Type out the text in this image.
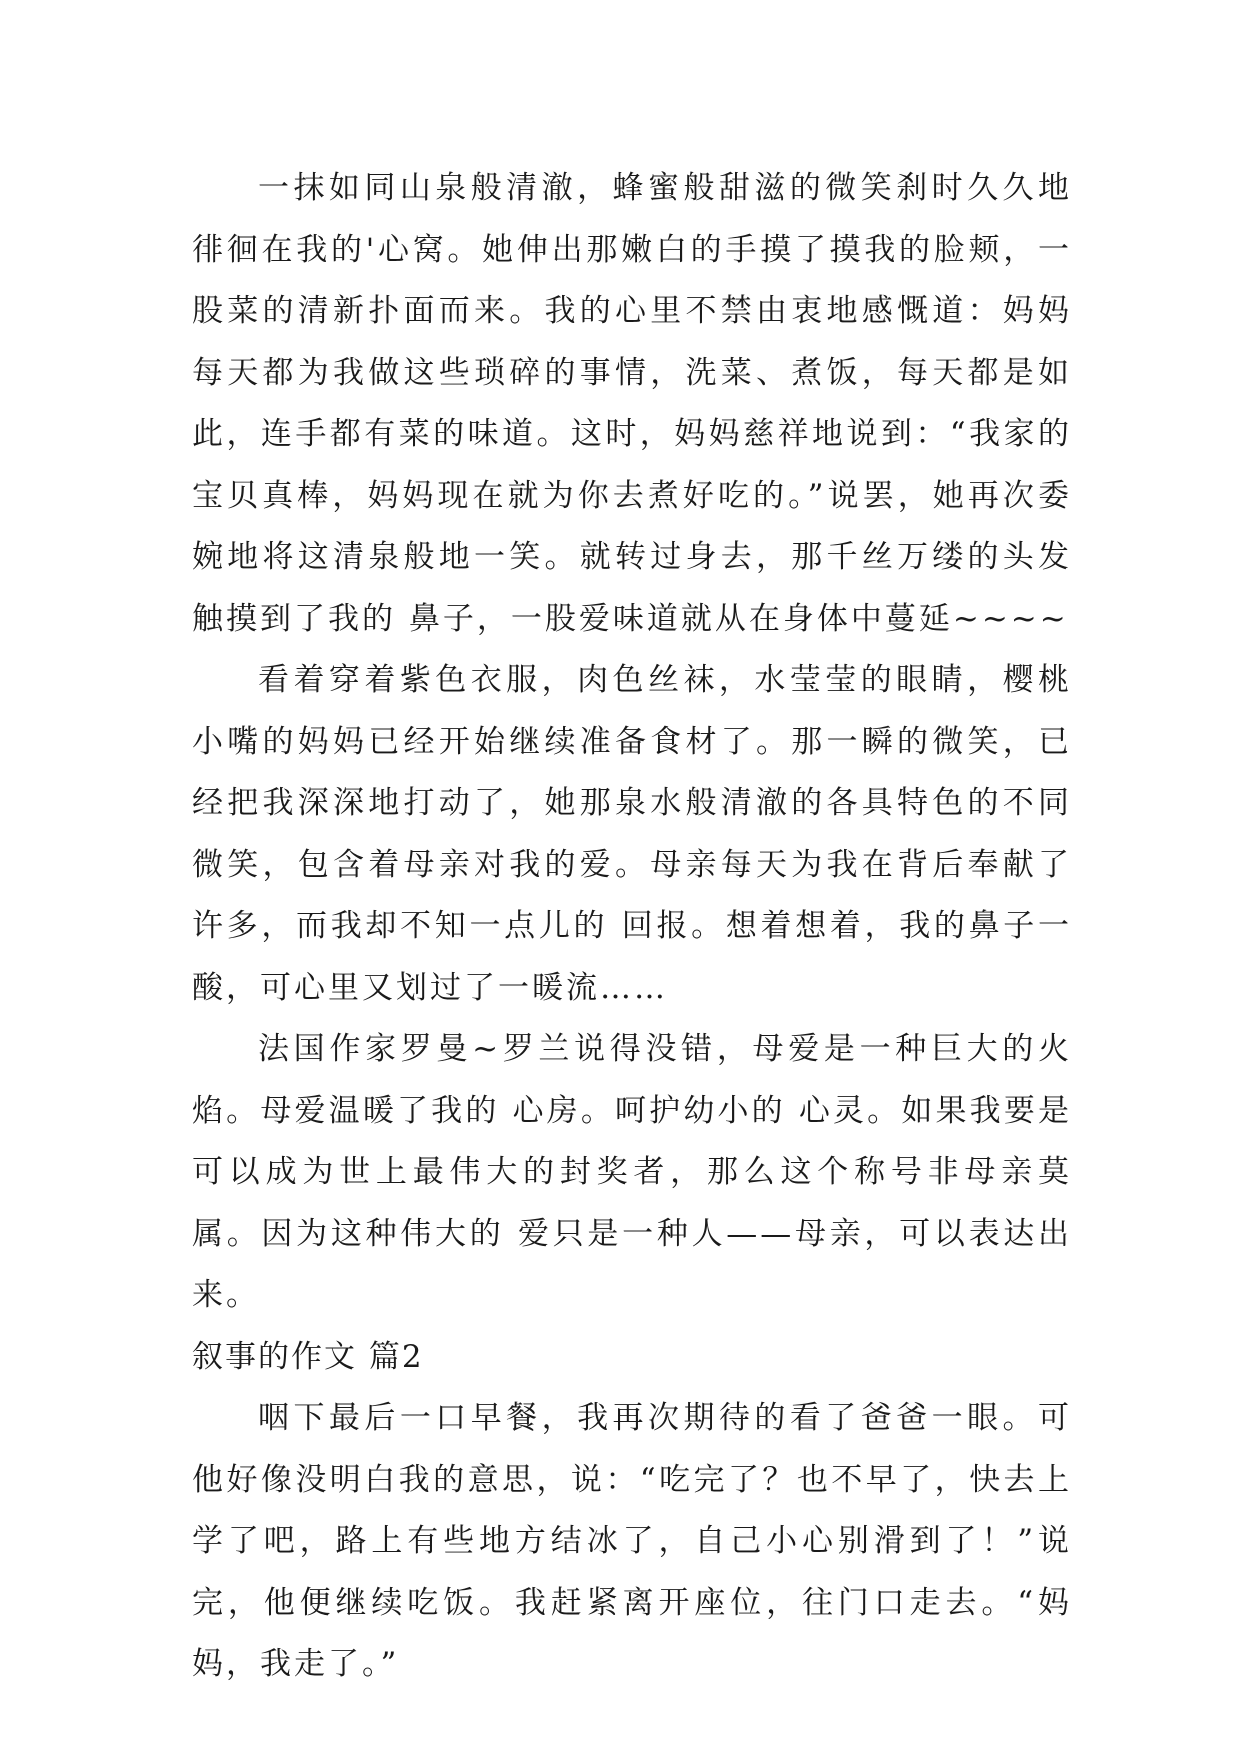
一抹如同山泉般清澈，蜂蜜般甜滋的微笑刹时久久地徘徊在我的'心窝。她伸出那嫩白的手摸了摸我的脸颊，一股菜的清新扑面而来。我的心里不禁由衷地感慨道：妈妈每天都为我做这些琐碎的事情，洗菜、煮饭，每天都是如此，连手都有菜的味道。这时，妈妈慈祥地说到：“我家的宝贝真棒，妈妈现在就为你去煮好吃的。”说罢，她再次委婉地将这清泉般地一笑。就转过身去，那千丝万缕的头发触摸到了我的 鼻子，一股爱味道就从在身体中蔓延~~~~

看着穿着紫色衣服，肉色丝袜，水莹莹的眼睛，樱桃小嘴的妈妈已经开始继续准备食材了。那一瞬的微笑，已经把我深深地打动了，她那泉水般清澈的各具特色的不同微笑，包含着母亲对我的爱。母亲每天为我在背后奉献了许多，而我却不知一点儿的 回报。想着想着，我的鼻子一酸，可心里又划过了一暖流……

法国作家罗曼~罗兰说得没错，母爱是一种巨大的火焰。母爱温暖了我的 心房。呵护幼小的 心灵。如果我要是可以成为世上最伟大的封奖者，那么这个称号非母亲莫属。因为这种伟大的 爱只是一种人——母亲，可以表达出来。

叙事的作文 篇2

咽下最后一口早餐，我再次期待的看了爸爸一眼。可他好像没明白我的意思，说：“吃完了？也不早了，快去上学了吧，路上有些地方结冰了，自己小心别滑到了！”说完，他便继续吃饭。我赶紧离开座位，往门口走去。“妈妈，我走了。”
